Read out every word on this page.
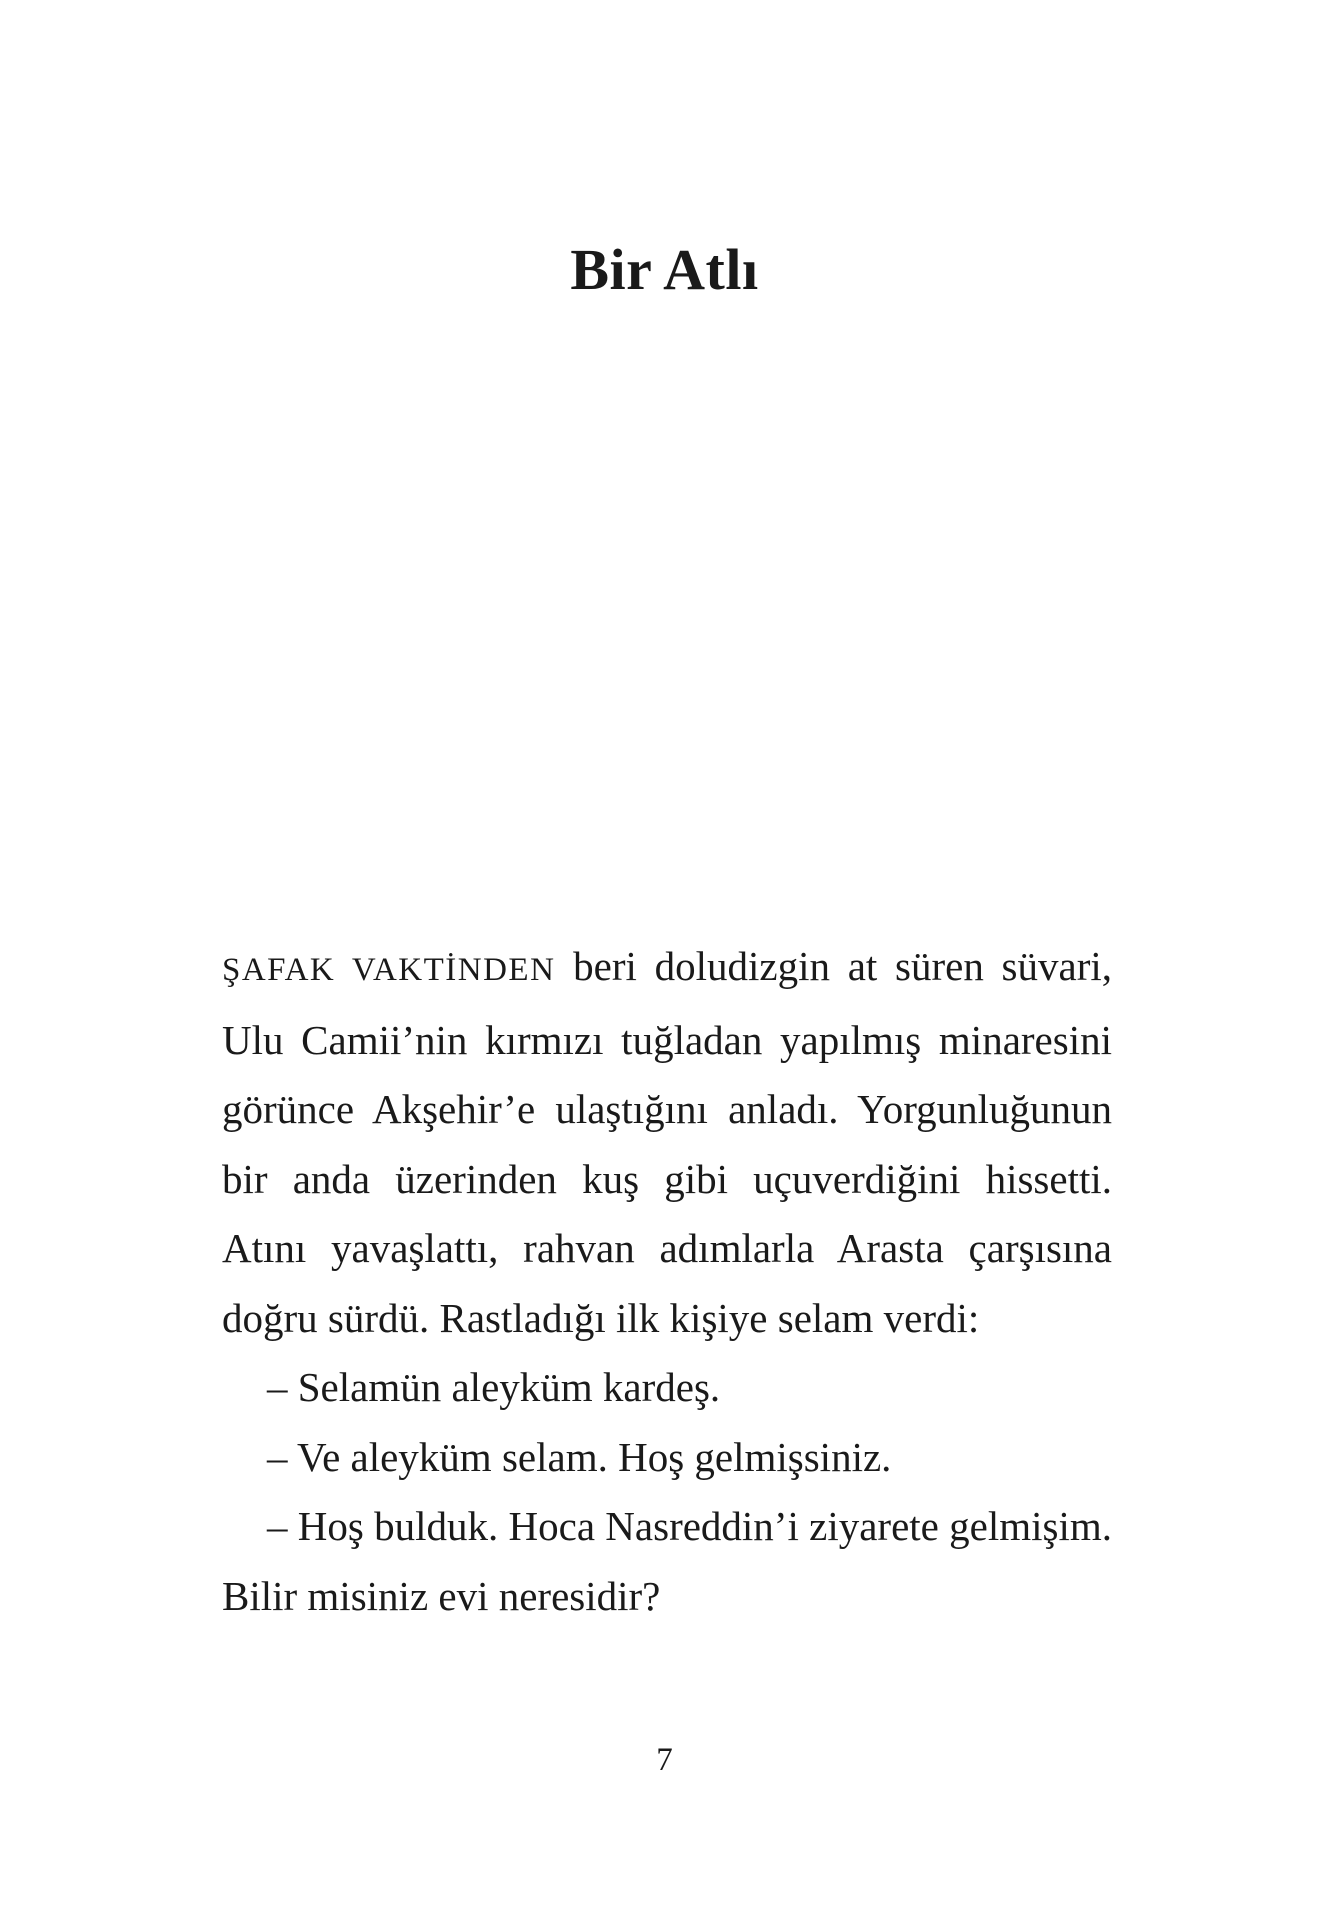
Bir Atlı

ŞAFAK VAKTİNDEN beri doludizgin at süren süvari, Ulu Camii’nin kırmızı tuğladan yapılmış minaresini görünce Akşehir’e ulaştığını anladı. Yorgunluğunun bir anda üzerinden kuş gibi uçuverdiğini hissetti. Atını yavaşlattı, rahvan adımlarla Arasta çarşısına doğru sürdü. Rastladığı ilk kişiye selam verdi:

– Selamün aleyküm kardeş.

– Ve aleyküm selam. Hoş gelmişsiniz.

– Hoş bulduk. Hoca Nasreddin’i ziyarete gelmişim. Bilir misiniz evi neresidir?

7
